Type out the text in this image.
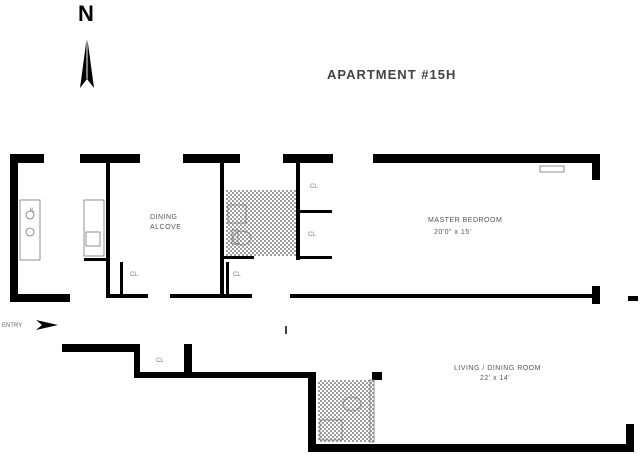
N
APARTMENT #15H
K
DINING
ALCOVE
CL	CL
CL
CL
MASTER BEDROOM
20'0" x 15'
ENTRY
CL
LIVING / DINING ROOM
22' x 14'
